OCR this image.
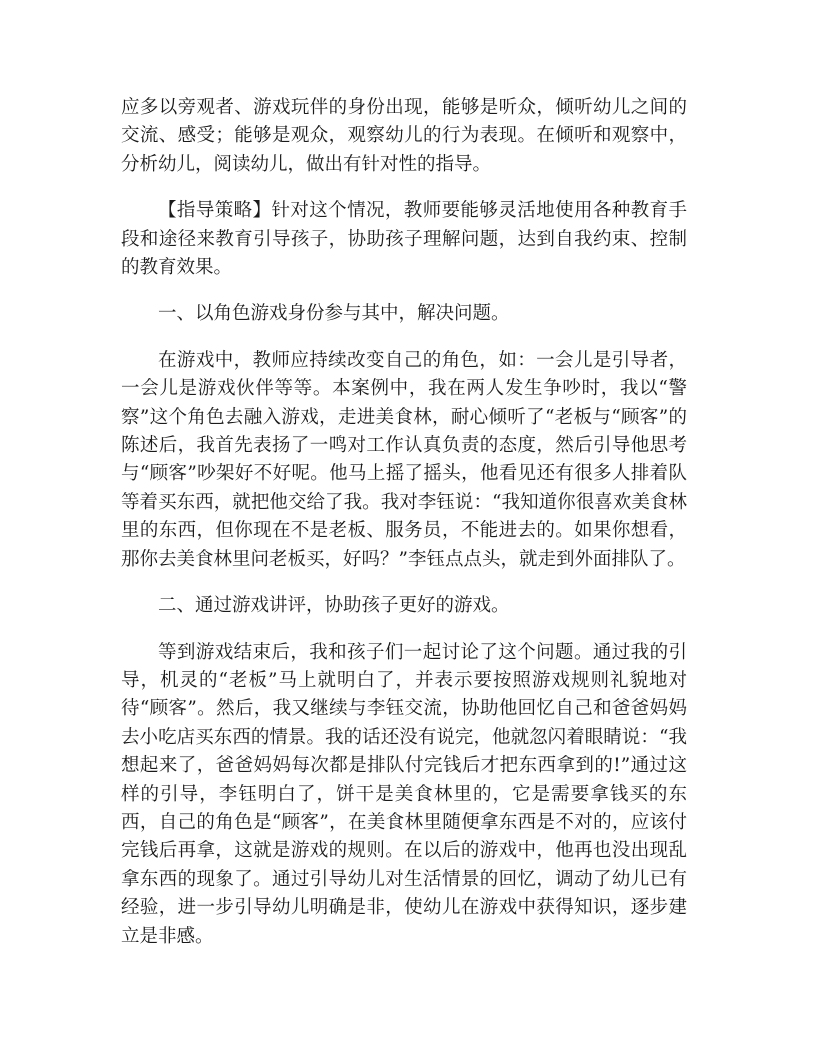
应多以旁观者、游戏玩伴的身份出现，能够是听众，倾听幼儿之间的交流、感受；能够是观众，观察幼儿的行为表现。在倾听和观察中，分析幼儿，阅读幼儿，做出有针对性的指导。

【指导策略】针对这个情况，教师要能够灵活地使用各种教育手段和途径来教育引导孩子，协助孩子理解问题，达到自我约束、控制的教育效果。

一、以角色游戏身份参与其中，解决问题。

在游戏中，教师应持续改变自己的角色，如：一会儿是引导者，一会儿是游戏伙伴等等。本案例中，我在两人发生争吵时，我以“警察”这个角色去融入游戏，走进美食林，耐心倾听了“老板与“顾客”的陈述后，我首先表扬了一鸣对工作认真负责的态度，然后引导他思考与“顾客”吵架好不好呢。他马上摇了摇头，他看见还有很多人排着队等着买东西，就把他交给了我。我对李钰说：“我知道你很喜欢美食林里的东西，但你现在不是老板、服务员，不能进去的。如果你想看，那你去美食林里问老板买，好吗？”李钰点点头，就走到外面排队了。

二、通过游戏讲评，协助孩子更好的游戏。

等到游戏结束后，我和孩子们一起讨论了这个问题。通过我的引导，机灵的“老板”马上就明白了，并表示要按照游戏规则礼貌地对待“顾客”。然后，我又继续与李钰交流，协助他回忆自己和爸爸妈妈去小吃店买东西的情景。我的话还没有说完，他就忽闪着眼睛说：“我想起来了，爸爸妈妈每次都是排队付完钱后才把东西拿到的!”通过这样的引导，李钰明白了，饼干是美食林里的，它是需要拿钱买的东西，自己的角色是“顾客”，在美食林里随便拿东西是不对的，应该付完钱后再拿，这就是游戏的规则。在以后的游戏中，他再也没出现乱拿东西的现象了。通过引导幼儿对生活情景的回忆，调动了幼儿已有经验，进一步引导幼儿明确是非，使幼儿在游戏中获得知识，逐步建立是非感。
